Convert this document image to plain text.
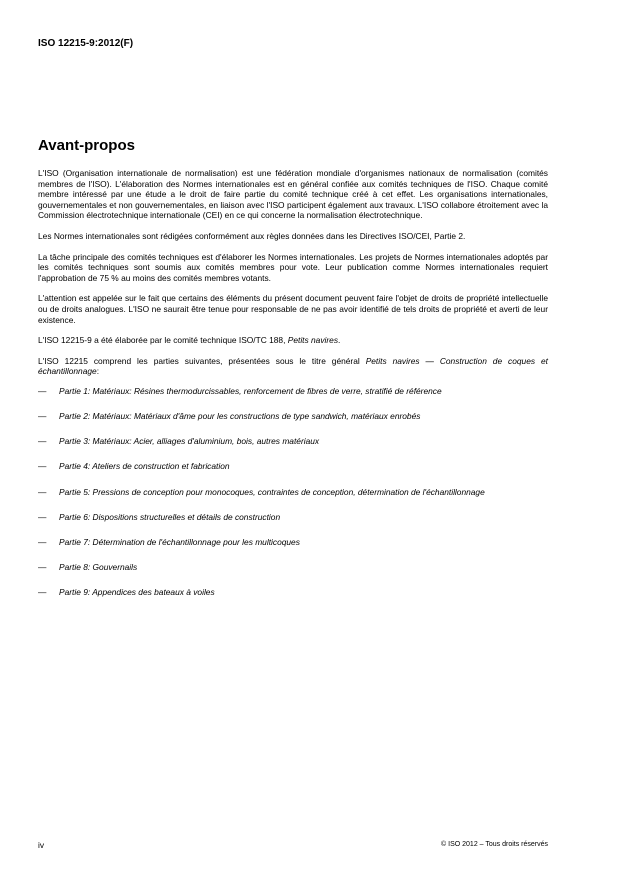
ISO 12215-9:2012(F)
Avant-propos

L'ISO (Organisation internationale de normalisation) est une fédération mondiale d'organismes nationaux de normalisation (comités membres de l'ISO). L'élaboration des Normes internationales est en général confiée aux comités techniques de l'ISO. Chaque comité membre intéressé par une étude a le droit de faire partie du comité technique créé à cet effet. Les organisations internationales, gouvernementales et non gouvernementales, en liaison avec l'ISO participent également aux travaux. L'ISO collabore étroitement avec la Commission électrotechnique internationale (CEI) en ce qui concerne la normalisation électrotechnique.

Les Normes internationales sont rédigées conformément aux règles données dans les Directives ISO/CEI, Partie 2.

La tâche principale des comités techniques est d'élaborer les Normes internationales. Les projets de Normes internationales adoptés par les comités techniques sont soumis aux comités membres pour vote. Leur publication comme Normes internationales requiert l'approbation de 75 % au moins des comités membres votants.

L'attention est appelée sur le fait que certains des éléments du présent document peuvent faire l'objet de droits de propriété intellectuelle ou de droits analogues. L'ISO ne saurait être tenue pour responsable de ne pas avoir identifié de tels droits de propriété et averti de leur existence.

L'ISO 12215-9 a été élaborée par le comité technique ISO/TC 188, Petits navires.

L'ISO 12215 comprend les parties suivantes, présentées sous le titre général Petits navires — Construction de coques et échantillonnage:

—	Partie 1: Matériaux: Résines thermodurcissables, renforcement de fibres de verre, stratifié de référence
—	Partie 2: Matériaux: Matériaux d'âme pour les constructions de type sandwich, matériaux enrobés
—	Partie 3: Matériaux: Acier, alliages d'aluminium, bois, autres matériaux
—	Partie 4: Ateliers de construction et fabrication
—	Partie 5: Pressions de conception pour monocoques, contraintes de conception, détermination de l'échantillonnage
—	Partie 6: Dispositions structurelles et détails de construction
—	Partie 7: Détermination de l'échantillonnage pour les multicoques
—	Partie 8: Gouvernails
—	Partie 9: Appendices des bateaux à voiles
iv	© ISO 2012 – Tous droits réservés
